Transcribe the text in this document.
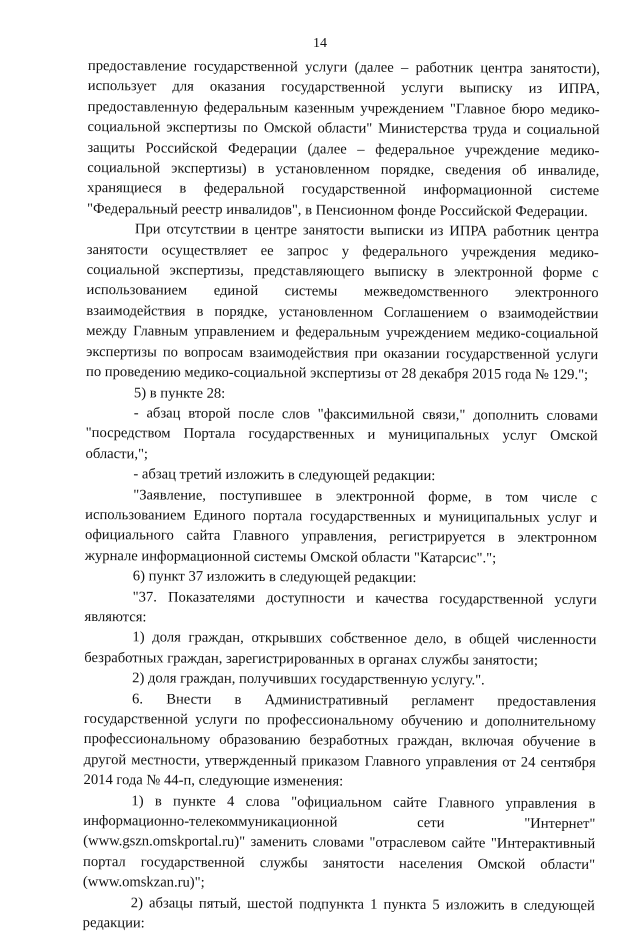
14

предоставление государственной услуги (далее – работник центра занятости), использует для оказания государственной услуги выписку из ИПРА, предоставленную федеральным казенным учреждением "Главное бюро медико-социальной экспертизы по Омской области" Министерства труда и социальной защиты Российской Федерации (далее – федеральное учреждение медико-социальной экспертизы) в установленном порядке, сведения об инвалиде, хранящиеся в федеральной государственной информационной системе "Федеральный реестр инвалидов", в Пенсионном фонде Российской Федерации.

При отсутствии в центре занятости выписки из ИПРА работник центра занятости осуществляет ее запрос у федерального учреждения медико-социальной экспертизы, представляющего выписку в электронной форме с использованием единой системы межведомственного электронного взаимодействия в порядке, установленном Соглашением о взаимодействии между Главным управлением и федеральным учреждением медико-социальной экспертизы по вопросам взаимодействия при оказании государственной услуги по проведению медико-социальной экспертизы от 28 декабря 2015 года № 129.";

5) в пункте 28:

- абзац второй после слов "факсимильной связи," дополнить словами "посредством Портала государственных и муниципальных услуг Омской области,";

- абзац третий изложить в следующей редакции:

"Заявление, поступившее в электронной форме, в том числе с использованием Единого портала государственных и муниципальных услуг и официального сайта Главного управления, регистрируется в электронном журнале информационной системы Омской области "Катарсис".";

6) пункт 37 изложить в следующей редакции:

"37. Показателями доступности и качества государственной услуги являются:

1) доля граждан, открывших собственное дело, в общей численности безработных граждан, зарегистрированных в органах службы занятости;

2) доля граждан, получивших государственную услугу.".

6. Внести в Административный регламент предоставления государственной услуги по профессиональному обучению и дополнительному профессиональному образованию безработных граждан, включая обучение в другой местности, утвержденный приказом Главного управления от 24 сентября 2014 года № 44-п, следующие изменения:

1) в пункте 4 слова "официальном сайте Главного управления в информационно-телекоммуникационной сети "Интернет" (www.gszn.omskportal.ru)" заменить словами "отраслевом сайте "Интерактивный портал государственной службы занятости населения Омской области" (www.omskzan.ru)";

2) абзацы пятый, шестой подпункта 1 пункта 5 изложить в следующей редакции:
